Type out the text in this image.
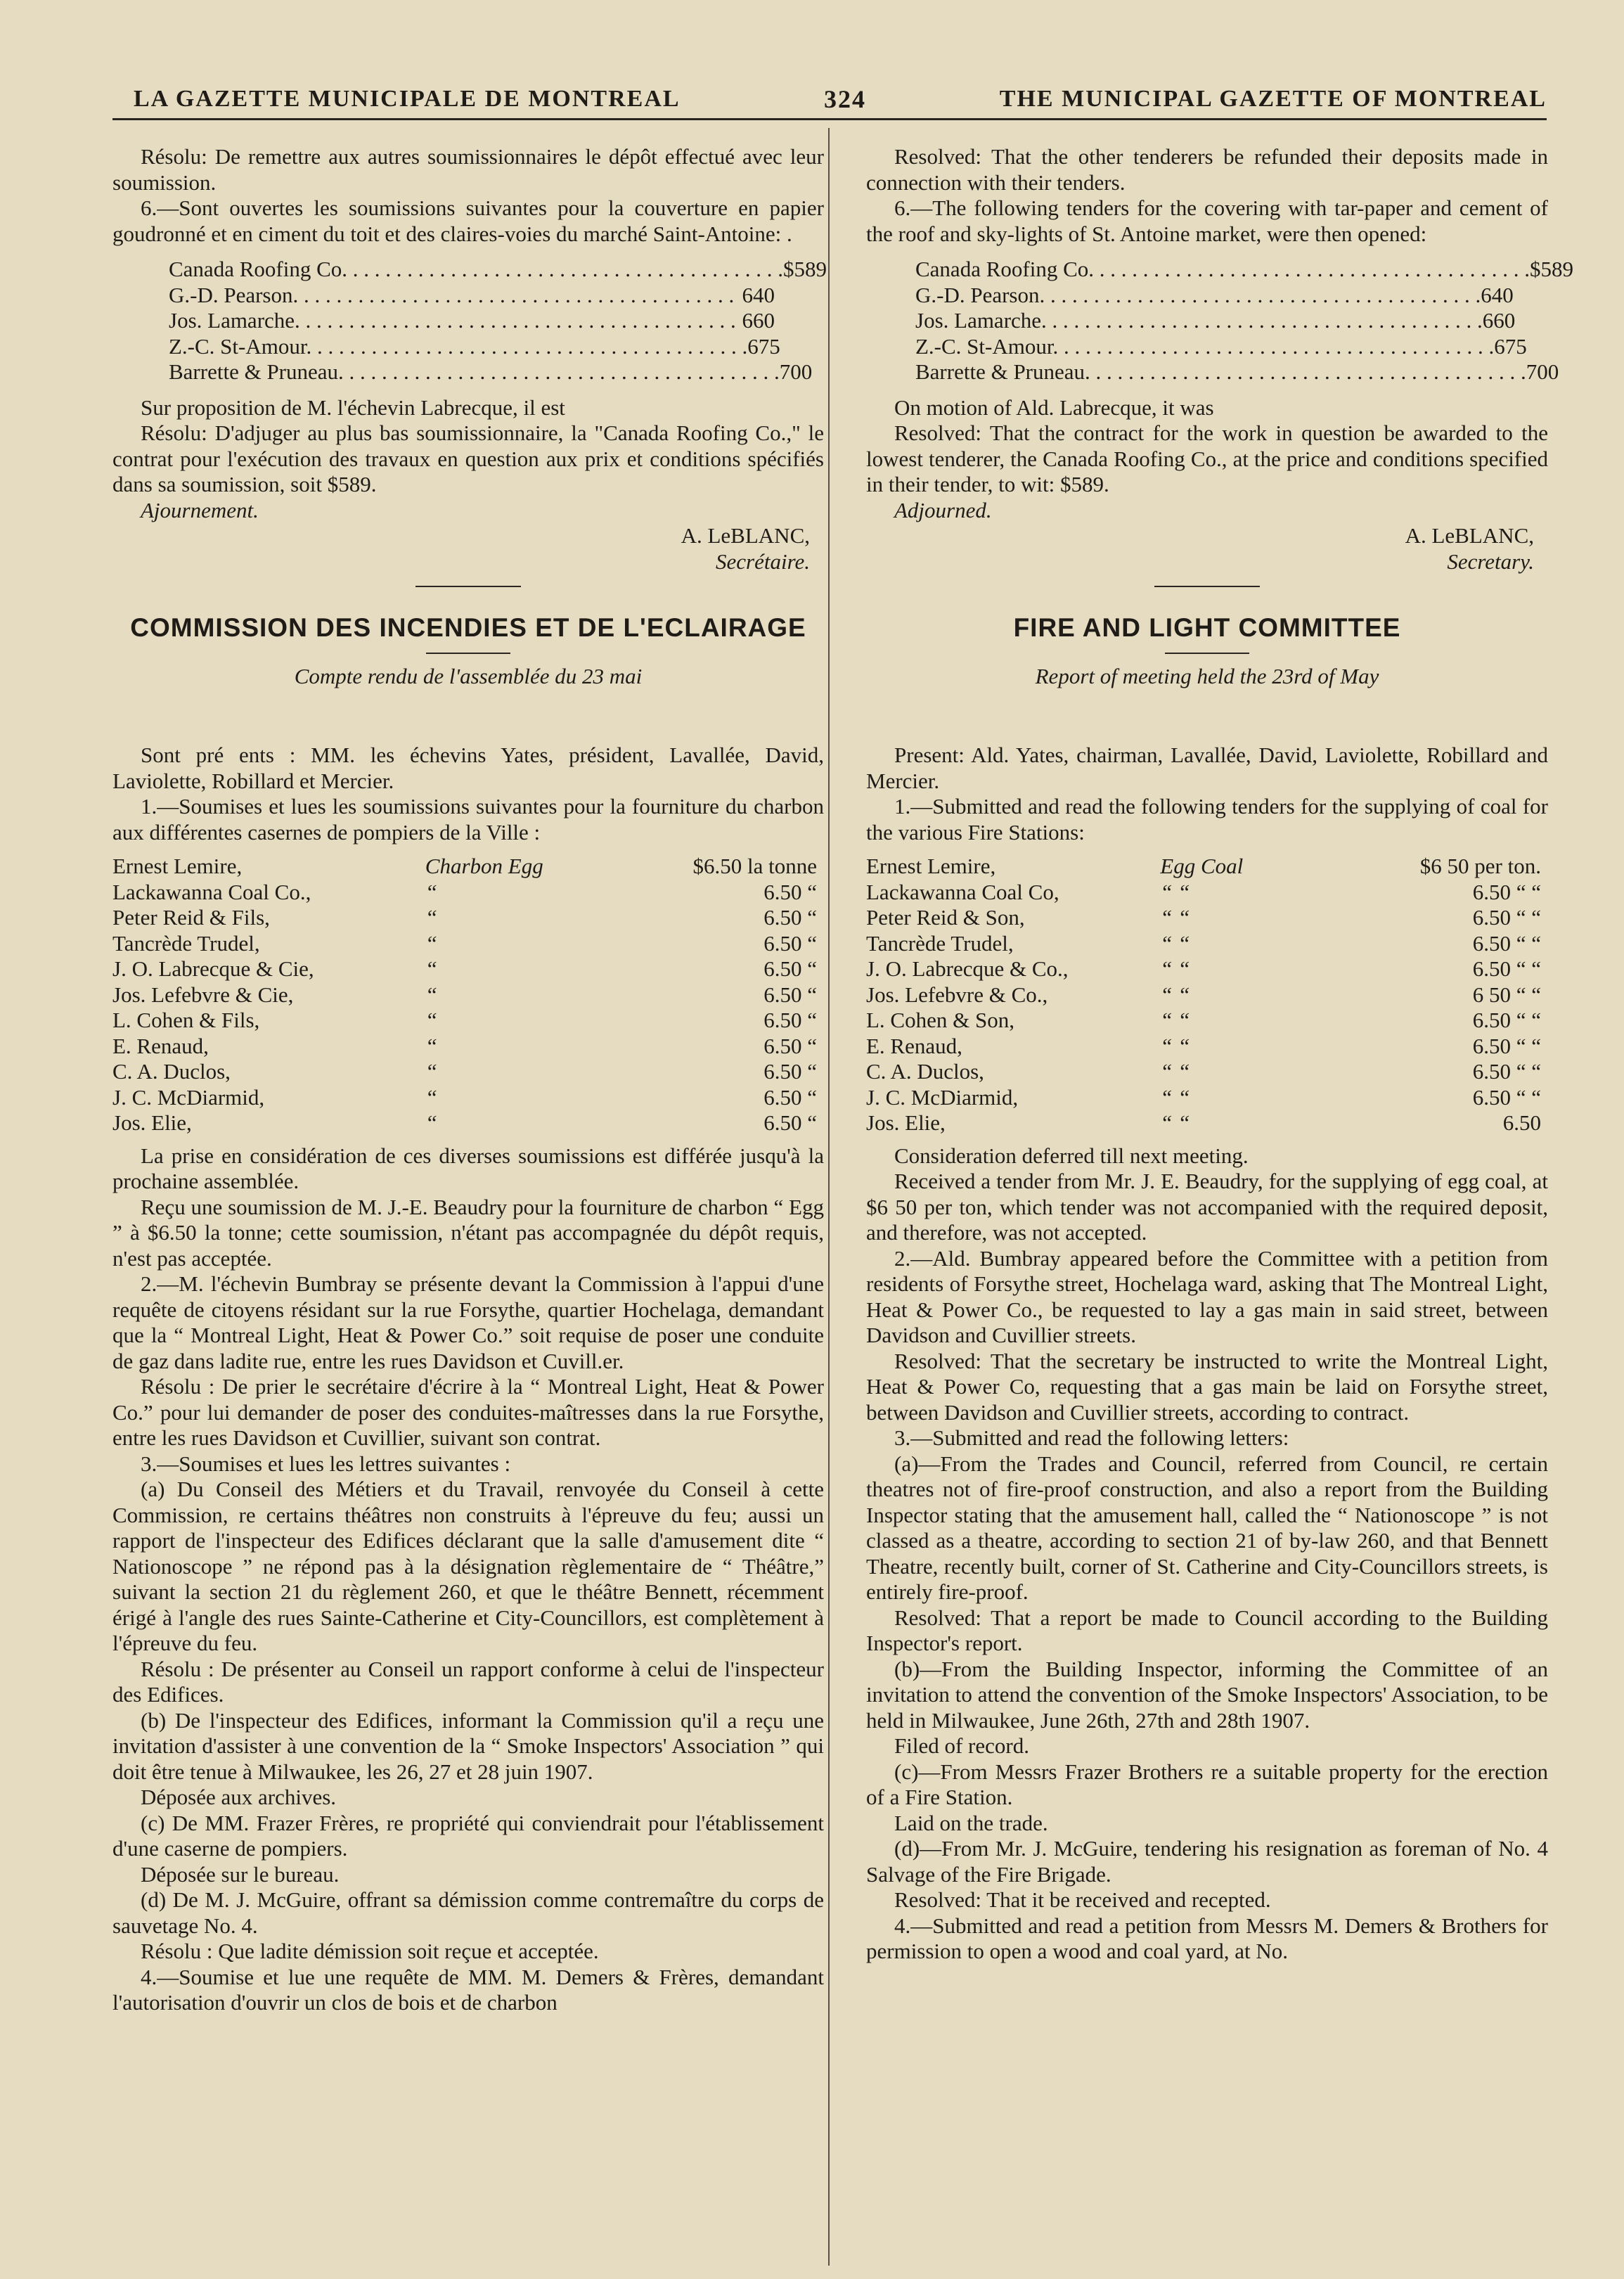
LA GAZETTE MUNICIPALE DE MONTREAL	324	THE MUNICIPAL GAZETTE OF MONTREAL

Résolu: De remettre aux autres soumissionnaires le dépôt effectué avec leur soumission.

6.—Sont ouvertes les soumissions suivantes pour la couverture en papier goudronné et en ciment du toit et des claires-voies du marché Saint-Antoine: .

Canada Roofing Co. . . . . . . . . . . . . . . . . . . . . . . . . . . . . . . . . . . . . . . . . $589
G.-D. Pearson. . . . . . . . . . . . . . . . . . . . . . . . . . . . . . . . . . . . . . . . . 640
Jos. Lamarche. . . . . . . . . . . . . . . . . . . . . . . . . . . . . . . . . . . . . . . . . 660
Z.-C. St-Amour. . . . . . . . . . . . . . . . . . . . . . . . . . . . . . . . . . . . . . . . . 675
Barrette & Pruneau. . . . . . . . . . . . . . . . . . . . . . . . . . . . . . . . . . . . . . . . . 700

Sur proposition de M. l'échevin Labrecque, il est

Résolu: D'adjuger au plus bas soumissionnaire, la "Canada Roofing Co.," le contrat pour l'exécution des travaux en question aux prix et conditions spécifiés dans sa soumission, soit $589.

Ajournement.

A. LeBLANC,

Secrétaire.

COMMISSION DES INCENDIES ET DE L'ECLAIRAGE

Compte rendu de l'assemblée du 23 mai

Sont pré ents : MM. les échevins Yates, président, Lavallée, David, Laviolette, Robillard et Mercier.

1.—Soumises et lues les soumissions suivantes pour la fourniture du charbon aux différentes casernes de pompiers de la Ville :

Ernest Lemire,	Charbon Egg	$6.50 la tonne
Lackawanna Coal Co.,	“	6.50 “
Peter Reid & Fils,	“	6.50 “
Tancrède Trudel,	“	6.50 “
J. O. Labrecque & Cie,	“	6.50 “
Jos. Lefebvre & Cie,	“	6.50 “
L. Cohen & Fils,	“	6.50 “
E. Renaud,	“	6.50 “
C. A. Duclos,	“	6.50 “
J. C. McDiarmid,	“	6.50 “
Jos. Elie,	“	6.50 “

La prise en considération de ces diverses soumissions est différée jusqu'à la prochaine assemblée.

Reçu une soumission de M. J.-E. Beaudry pour la fourniture de charbon “ Egg ” à $6.50 la tonne; cette soumission, n'étant pas accompagnée du dépôt requis, n'est pas acceptée.

2.—M. l'échevin Bumbray se présente devant la Commission à l'appui d'une requête de citoyens résidant sur la rue Forsythe, quartier Hochelaga, demandant que la “ Montreal Light, Heat & Power Co.” soit requise de poser une conduite de gaz dans ladite rue, entre les rues Davidson et Cuvill.er.

Résolu : De prier le secrétaire d'écrire à la “ Montreal Light, Heat & Power Co.” pour lui demander de poser des conduites-maîtresses dans la rue Forsythe, entre les rues Davidson et Cuvillier, suivant son contrat.

3.—Soumises et lues les lettres suivantes :

(a) Du Conseil des Métiers et du Travail, renvoyée du Conseil à cette Commission, re certains théâtres non construits à l'épreuve du feu; aussi un rapport de l'inspecteur des Edifices déclarant que la salle d'amusement dite “ Nationoscope ” ne répond pas à la désignation règlementaire de “ Théâtre,” suivant la section 21 du règlement 260, et que le théâtre Bennett, récemment érigé à l'angle des rues Sainte-Catherine et City-Councillors, est complètement à l'épreuve du feu.

Résolu : De présenter au Conseil un rapport conforme à celui de l'inspecteur des Edifices.

(b) De l'inspecteur des Edifices, informant la Commission qu'il a reçu une invitation d'assister à une convention de la “ Smoke Inspectors' Association ” qui doit être tenue à Milwaukee, les 26, 27 et 28 juin 1907.

Déposée aux archives.

(c) De MM. Frazer Frères, re propriété qui conviendrait pour l'établissement d'une caserne de pompiers.

Déposée sur le bureau.

(d) De M. J. McGuire, offrant sa démission comme contremaître du corps de sauvetage No. 4.

Résolu : Que ladite démission soit reçue et acceptée.

4.—Soumise et lue une requête de MM. M. Demers & Frères, demandant l'autorisation d'ouvrir un clos de bois et de charbon

Resolved: That the other tenderers be refunded their deposits made in connection with their tenders.

6.—The following tenders for the covering with tar-paper and cement of the roof and sky-lights of St. Antoine market, were then opened:

Canada Roofing Co. . . . . . . . . . . . . . . . . . . . . . . . . . . . . . . . . . . . . . . . . $589
G.-D. Pearson. . . . . . . . . . . . . . . . . . . . . . . . . . . . . . . . . . . . . . . . . 640
Jos. Lamarche. . . . . . . . . . . . . . . . . . . . . . . . . . . . . . . . . . . . . . . . . 660
Z.-C. St-Amour. . . . . . . . . . . . . . . . . . . . . . . . . . . . . . . . . . . . . . . . . 675
Barrette & Pruneau. . . . . . . . . . . . . . . . . . . . . . . . . . . . . . . . . . . . . . . . . 700

On motion of Ald. Labrecque, it was

Resolved: That the contract for the work in question be awarded to the lowest tenderer, the Canada Roofing Co., at the price and conditions specified in their tender, to wit: $589.

Adjourned.

A. LeBLANC,

Secretary.

FIRE AND LIGHT COMMITTEE

Report of meeting held the 23rd of May

Present: Ald. Yates, chairman, Lavallée, David, Laviolette, Robillard and Mercier.

1.—Submitted and read the following tenders for the supplying of coal for the various Fire Stations:

Ernest Lemire,	Egg Coal	$6 50 per ton.
Lackawanna Coal Co,	“ “	6.50 “ “
Peter Reid & Son,	“ “	6.50 “ “
Tancrède Trudel,	“ “	6.50 “ “
J. O. Labrecque & Co.,	“ “	6.50 “ “
Jos. Lefebvre & Co.,	“ “	6 50 “ “
L. Cohen & Son,	“ “	6.50 “ “
E. Renaud,	“ “	6.50 “ “
C. A. Duclos,	“ “	6.50 “ “
J. C. McDiarmid,	“ “	6.50 “ “
Jos. Elie,	“ “	6.50

Consideration deferred till next meeting.

Received a tender from Mr. J. E. Beaudry, for the supplying of egg coal, at $6 50 per ton, which tender was not accompanied with the required deposit, and therefore, was not accepted.

2.—Ald. Bumbray appeared before the Committee with a petition from residents of Forsythe street, Hochelaga ward, asking that The Montreal Light, Heat & Power Co., be requested to lay a gas main in said street, between Davidson and Cuvillier streets.

Resolved: That the secretary be instructed to write the Montreal Light, Heat & Power Co, requesting that a gas main be laid on Forsythe street, between Davidson and Cuvillier streets, according to contract.

3.—Submitted and read the following letters:

(a)—From the Trades and Council, referred from Council, re certain theatres not of fire-proof construction, and also a report from the Building Inspector stating that the amusement hall, called the “ Nationoscope ” is not classed as a theatre, according to section 21 of by-law 260, and that Bennett Theatre, recently built, corner of St. Catherine and City-Councillors streets, is entirely fire-proof.

Resolved: That a report be made to Council according to the Building Inspector's report.

(b)—From the Building Inspector, informing the Committee of an invitation to attend the convention of the Smoke Inspectors' Association, to be held in Milwaukee, June 26th, 27th and 28th 1907.

Filed of record.

(c)—From Messrs Frazer Brothers re a suitable property for the erection of a Fire Station.

Laid on the trade.

(d)—From Mr. J. McGuire, tendering his resignation as foreman of No. 4 Salvage of the Fire Brigade.

Resolved: That it be received and recepted.

4.—Submitted and read a petition from Messrs M. Demers & Brothers for permission to open a wood and coal yard, at No.
